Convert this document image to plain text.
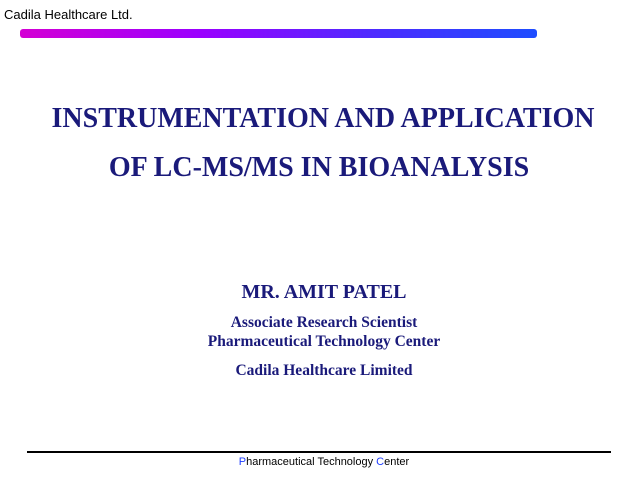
Cadila Healthcare Ltd.
INSTRUMENTATION AND APPLICATION
OF LC-MS/MS IN BIOANALYSIS
MR. AMIT PATEL
Associate Research Scientist
Pharmaceutical Technology Center
Cadila Healthcare Limited
Pharmaceutical Technology Center
